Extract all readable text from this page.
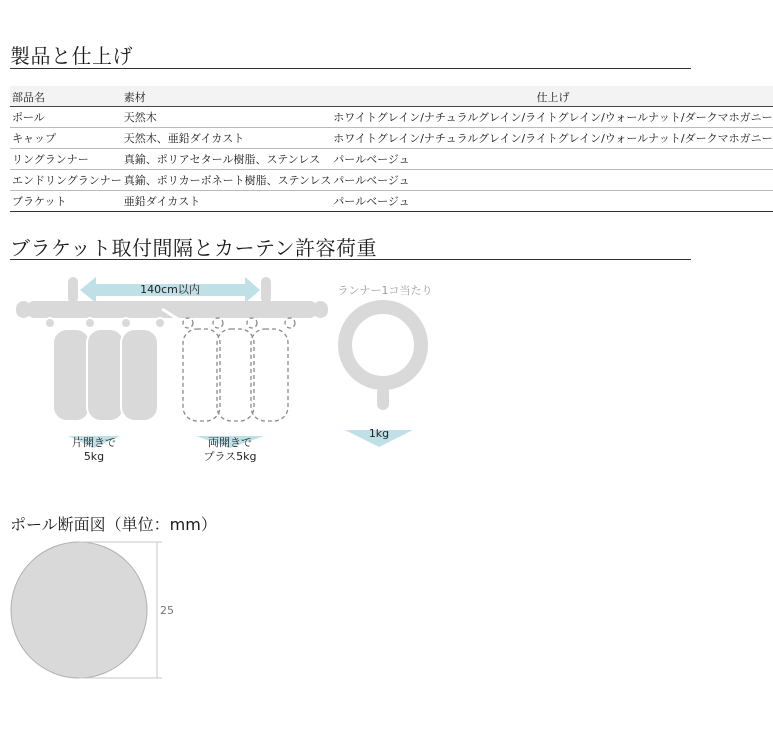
製品と仕上げ
部品名	素材	仕上げ
ポール	天然木	ホワイトグレイン/ナチュラルグレイン/ライトグレイン/ウォールナット/ダークマホガニー
キャップ	天然木、亜鉛ダイカスト	ホワイトグレイン/ナチュラルグレイン/ライトグレイン/ウォールナット/ダークマホガニー
リングランナー	真鍮、ポリアセタール樹脂、ステンレス	パールベージュ
エンドリングランナー	真鍮、ポリカーボネート樹脂、ステンレス	パールベージュ
ブラケット	亜鉛ダイカスト	パールベージュ
ブラケット取付間隔とカーテン許容荷重
140cm以内	ランナー1コ当たり
片開きで
5kg
両開きで
プラス5kg
1kg
ポール断面図（単位：mm）
25
